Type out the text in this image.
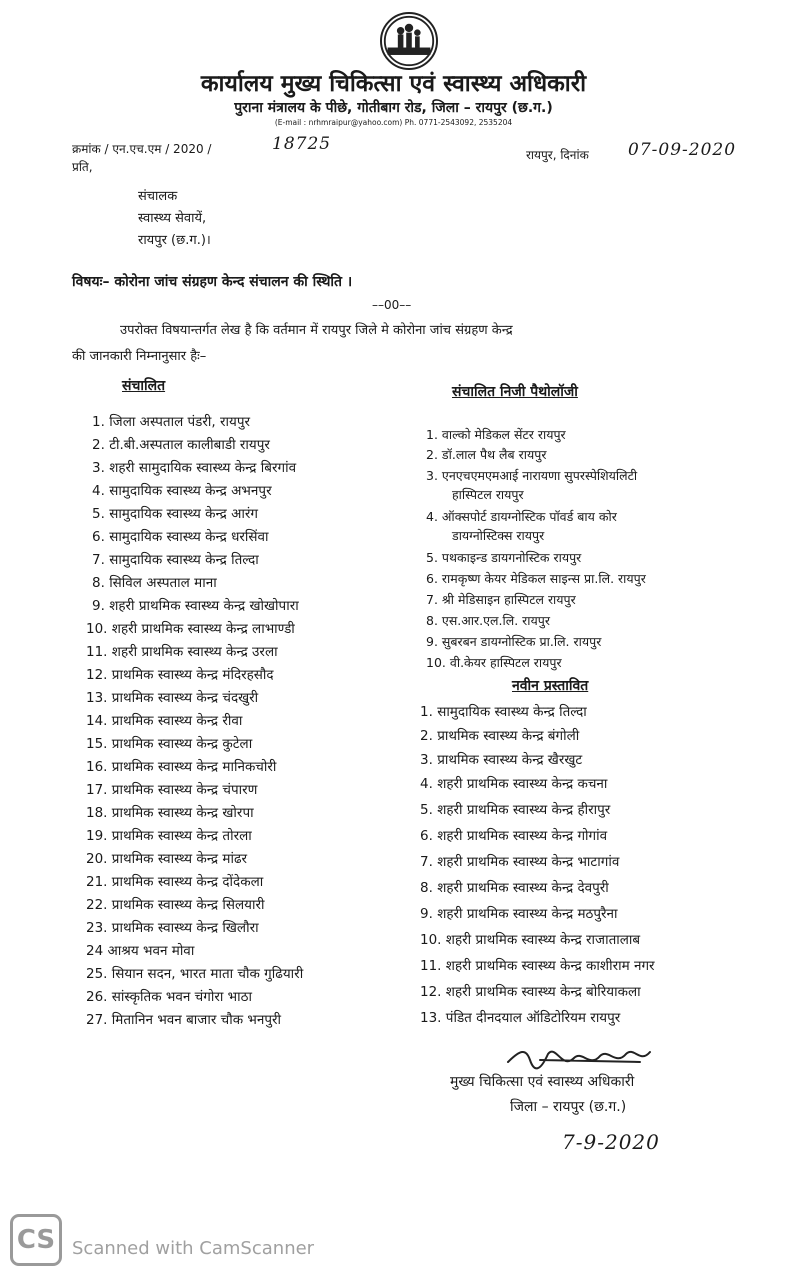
कार्यालय मुख्य चिकित्सा एवं स्वास्थ्य अधिकारी
पुराना मंत्रालय के पीछे, गोतीबाग रोड, जिला – रायपुर (छ.ग.)
(E-mail : nrhmraipur@yahoo.com) Ph. 0771-2543092, 2535204
क्रमांक / एन.एच.एम / 2020 /	18725
रायपुर, दिनांक 07-09-2020
प्रति,
संचालक
स्वास्थ्य सेवायें,
रायपुर (छ.ग.)।
विषयः– कोरोना जांच संग्रहण केन्द संचालन की स्थिति ।
––00––
उपरोक्त विषयान्तर्गत लेख है कि वर्तमान में रायपुर जिले मे कोरोना जांच संग्रहण केन्द्र
की जानकारी निम्नानुसार हैः–
संचालित
1. जिला अस्पताल पंडरी, रायपुर
2. टी.बी.अस्पताल कालीबाडी रायपुर
3. शहरी सामुदायिक स्वास्थ्य केन्द्र बिरगांव
4. सामुदायिक स्वास्थ्य केन्द्र अभनपुर
5. सामुदायिक स्वास्थ्य केन्द्र आरंग
6. सामुदायिक स्वास्थ्य केन्द्र धरसिंवा
7. सामुदायिक स्वास्थ्य केन्द्र तिल्दा
8. सिविल अस्पताल माना
9. शहरी प्राथमिक स्वास्थ्य केन्द्र खोखोपारा
10. शहरी प्राथमिक स्वास्थ्य केन्द्र लाभाण्डी
11. शहरी प्राथमिक स्वास्थ्य केन्द्र उरला
12. प्राथमिक स्वास्थ्य केन्द्र मंदिरहसौद
13. प्राथमिक स्वास्थ्य केन्द्र चंदखुरी
14. प्राथमिक स्वास्थ्य केन्द्र रीवा
15. प्राथमिक स्वास्थ्य केन्द्र कुटेला
16. प्राथमिक स्वास्थ्य केन्द्र मानिकचोरी
17. प्राथमिक स्वास्थ्य केन्द्र चंपारण
18. प्राथमिक स्वास्थ्य केन्द्र खोरपा
19. प्राथमिक स्वास्थ्य केन्द्र तोरला
20. प्राथमिक स्वास्थ्य केन्द्र मांढर
21. प्राथमिक स्वास्थ्य केन्द्र दोंदेकला
22. प्राथमिक स्वास्थ्य केन्द्र सिलयारी
23. प्राथमिक स्वास्थ्य केन्द्र खिलौरा
24 आश्रय भवन मोवा
25. सियान सदन, भारत माता चौक गुढियारी
26. सांस्कृतिक भवन चंगोरा भाठा
27. मितानिन भवन बाजार चौक भनपुरी
संचालित निजी पैथोलॉजी
1. वाल्को मेडिकल सेंटर रायपुर
2. डॉ.लाल पैथ लैब रायपुर
3. एनएचएमएमआई नारायणा सुपरस्पेशियलिटी
हास्पिटल रायपुर
4. ऑक्सपोर्ट डायग्नोस्टिक पॉवर्ड बाय कोर
डायग्नोस्टिक्स रायपुर
5. पथकाइन्ड डायगनोस्टिक रायपुर
6. रामकृष्ण केयर मेडिकल साइन्स प्रा.लि. रायपुर
7. श्री मेडिसाइन हास्पिटल रायपुर
8. एस.आर.एल.लि. रायपुर
9. सुबरबन डायग्नोस्टिक प्रा.लि. रायपुर
10. वी.केयर हास्पिटल रायपुर
नवीन प्रस्तावित
1. सामुदायिक स्वास्थ्य केन्द्र तिल्दा
2. प्राथमिक स्वास्थ्य केन्द्र बंगोली
3. प्राथमिक स्वास्थ्य केन्द्र खैरखुट
4. शहरी प्राथमिक स्वास्थ्य केन्द्र कचना
5. शहरी प्राथमिक स्वास्थ्य केन्द्र हीरापुर
6. शहरी प्राथमिक स्वास्थ्य केन्द्र गोगांव
7. शहरी प्राथमिक स्वास्थ्य केन्द्र भाटागांव
8. शहरी प्राथमिक स्वास्थ्य केन्द्र देवपुरी
9. शहरी प्राथमिक स्वास्थ्य केन्द्र मठपुरैना
10. शहरी प्राथमिक स्वास्थ्य केन्द्र राजातालाब
11. शहरी प्राथमिक स्वास्थ्य केन्द्र काशीराम नगर
12. शहरी प्राथमिक स्वास्थ्य केन्द्र बोरियाकला
13. पंडित दीनदयाल ऑडिटोरियम रायपुर
मुख्य चिकित्सा एवं स्वास्थ्य अधिकारी
जिला – रायपुर (छ.ग.)
7-9-2020
CS Scanned with CamScanner
